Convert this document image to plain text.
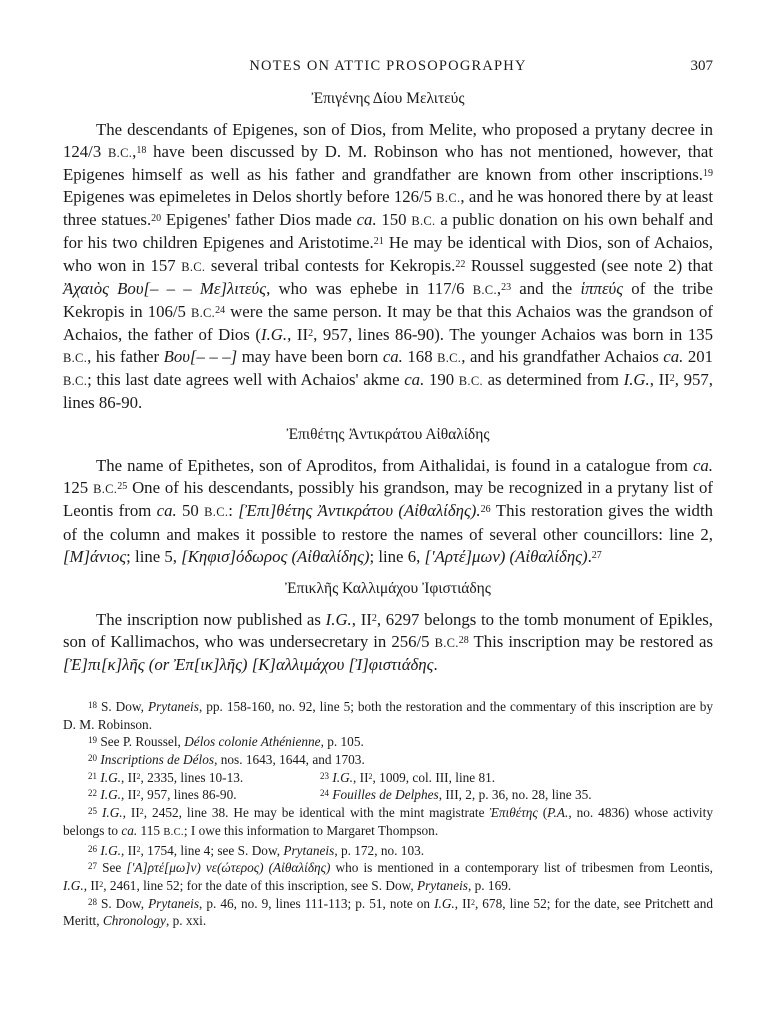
NOTES ON ATTIC PROSOPOGRAPHY	307
Ἐπιγένης Δίου Μελιτεύς

The descendants of Epigenes, son of Dios, from Melite, who proposed a prytany decree in 124/3 B.C.,$^{18}$ have been discussed by D. M. Robinson who has not mentioned, however, that Epigenes himself as well as his father and grandfather are known from other inscriptions.$^{19}$ Epigenes was epimeletes in Delos shortly before 126/5 B.C., and he was honored there by at least three statues.$^{20}$ Epigenes' father Dios made ca. 150 B.C. a public donation on his own behalf and for his two children Epigenes and Aristotime.$^{21}$ He may be identical with Dios, son of Achaios, who won in 157 B.C. several tribal contests for Kekropis.$^{22}$ Roussel suggested (see note 2) that Ἀχαιὸς Βου[– – – Με]λιτεύς, who was ephebe in 117/6 B.C.,$^{23}$ and the ἱππεύς of the tribe Kekropis in 106/5 B.C.$^{24}$ were the same person. It may be that this Achaios was the grandson of Achaios, the father of Dios (I.G., $II^2$, 957, lines 86-90). The younger Achaios was born in 135 B.C., his father Βου[– – –] may have been born ca. 168 B.C., and his grandfather Achaios ca. 201 B.C.; this last date agrees well with Achaios' akme ca. 190 B.C. as determined from I.G., $II^2$, 957, lines 86-90.

Ἐπιθέτης Ἀντικράτου Αἰθαλίδης

The name of Epithetes, son of Aproditos, from Aithalidai, is found in a catalogue from ca. 125 B.C.$^{25}$ One of his descendants, possibly his grandson, may be recognized in a prytany list of Leontis from ca. 50 B.C.: [Ἐπι]θέτης Ἀντικράτου (Αἰθαλίδης).$^{26}$ This restoration gives the width of the column and makes it possible to restore the names of several other councillors: line 2, [Μ]άνιος; line 5, [Κηφισ]όδωρος (Αἰθαλίδης); line 6, ['Αρτέ]μων) (Αἰθαλίδης).$^{27}$

Ἐπικλῆς Καλλιμάχου Ἰφιστιάδης

The inscription now published as I.G., $II^2$, 6297 belongs to the tomb monument of Epikles, son of Kallimachos, who was undersecretary in 256/5 B.C.$^{28}$ This inscription may be restored as [Ἐ]πι[κ]λῆς (or Ἐπ[ικ]λῆς) [Κ]αλλιμάχου [Ἰ]φιστιάδης.

$^{18}$ S. Dow, Prytaneis, pp. 158-160, no. 92, line 5; both the restoration and the commentary of this inscription are by D. M. Robinson.

$^{19}$ See P. Roussel, Délos colonie Athénienne, p. 105.

$^{20}$ Inscriptions de Délos, nos. 1643, 1644, and 1703.

$^{21}$ I.G., $II^2$, 2335, lines 10-13.	$^{23}$ I.G., $II^2$, 1009, col. III, line 81.
$^{22}$ I.G., $II^2$, 957, lines 86-90.	$^{24}$ Fouilles de Delphes, III, 2, p. 36, no. 28, line 35.

$^{25}$ I.G., $II^2$, 2452, line 38. He may be identical with the mint magistrate Ἐπιθέτης (P.A., no. 4836) whose activity belongs to ca. 115 B.C.; I owe this information to Margaret Thompson.

$^{26}$ I.G., $II^2$, 1754, line 4; see S. Dow, Prytaneis, p. 172, no. 103.

$^{27}$ See ['A]ρτέ[μω]ν) νε(ώτερος) (Αἰθαλίδης) who is mentioned in a contemporary list of tribesmen from Leontis, I.G., $II^2$, 2461, line 52; for the date of this inscription, see S. Dow, Prytaneis, p. 169.

$^{28}$ S. Dow, Prytaneis, p. 46, no. 9, lines 111-113; p. 51, note on I.G., $II^2$, 678, line 52; for the date, see Pritchett and Meritt, Chronology, p. xxi.
